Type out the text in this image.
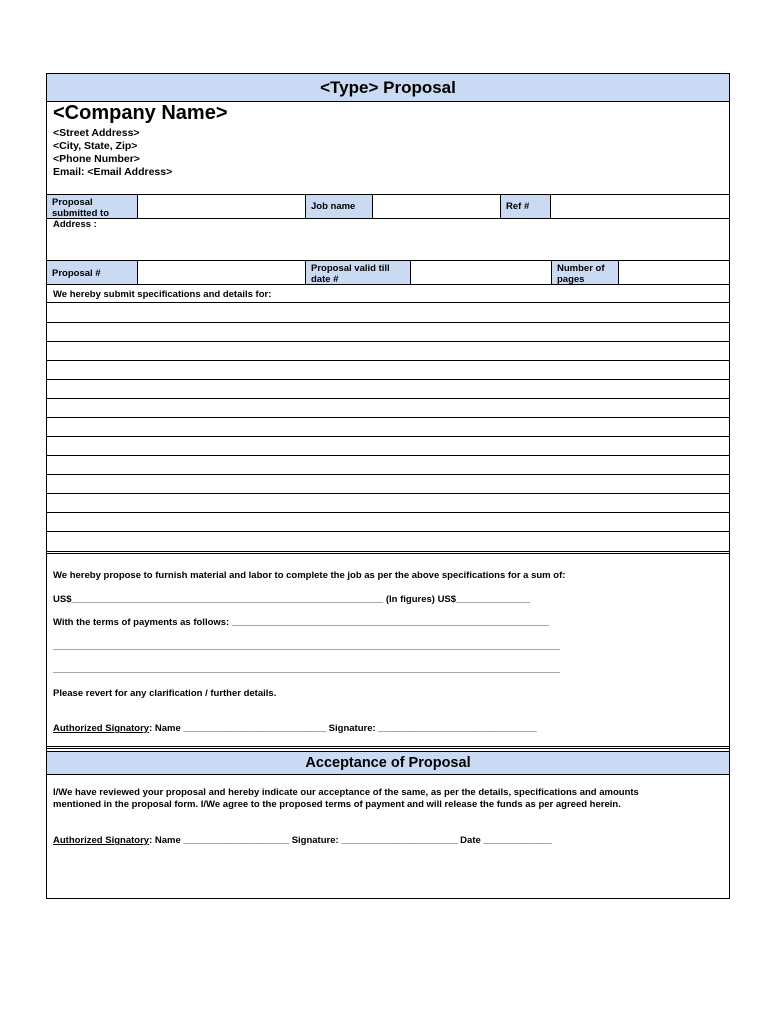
<Type> Proposal
<Company Name>
<Street Address>
<City, State, Zip>
<Phone Number>
Email: <Email Address>
Proposal submitted to
Job name	Ref #
Address :
Proposal #	Proposal valid till date #
Number of pages
We hereby submit specifications and details for:
We hereby propose to furnish material and labor to complete the job as per the above specifications for a sum of:
US$___________________________________________________________ (In figures) US$______________
With the terms of payments as follows: ____________________________________________________________
________________________________________________________________________________________________
________________________________________________________________________________________________
Please revert for any clarification / further details.
Authorized Signatory: Name ___________________________ Signature: ______________________________
Acceptance of Proposal
I/We have reviewed your proposal and hereby indicate our acceptance of the same, as per the details, specifications and amounts
mentioned in the proposal form. I/We agree to the proposed terms of payment and will release the funds as per agreed herein.
Authorized Signatory: Name ____________________ Signature: ______________________ Date _____________
